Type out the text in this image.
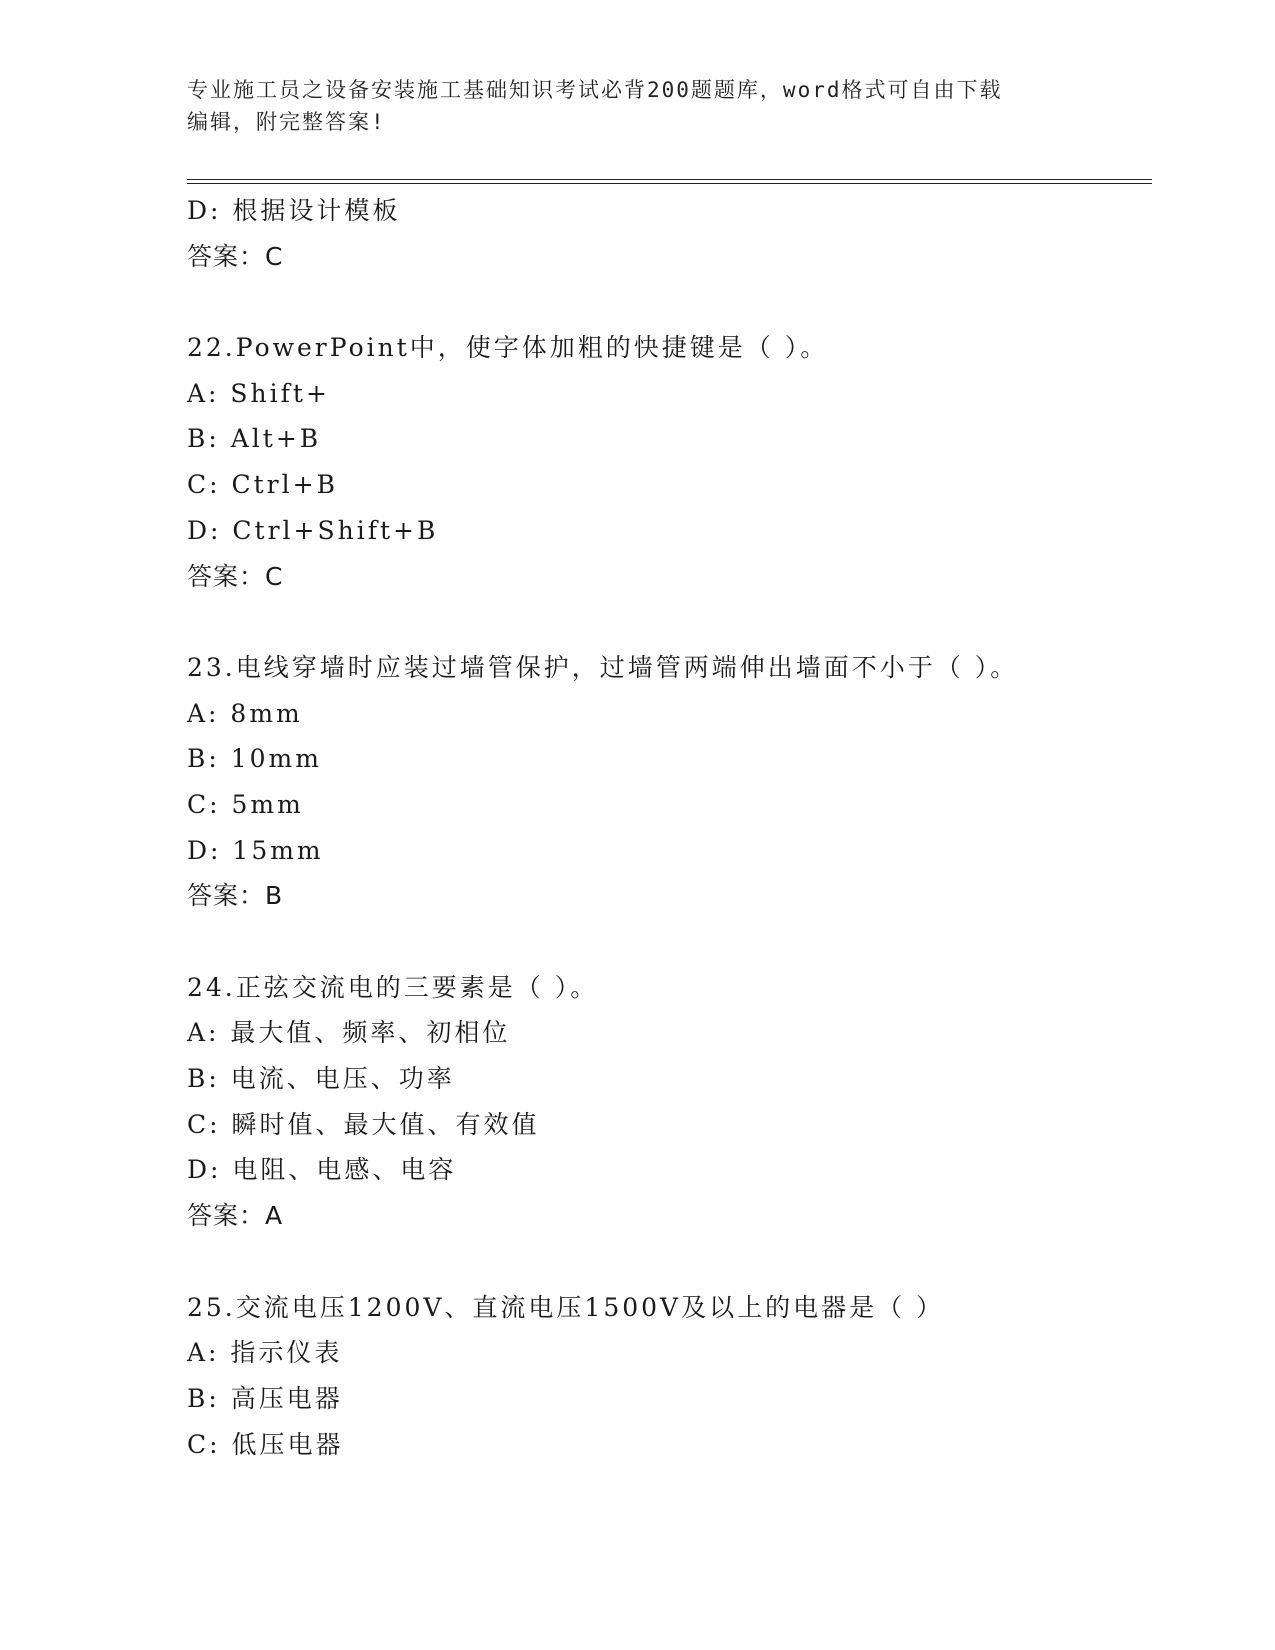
专业施工员之设备安装施工基础知识考试必背200题题库，word格式可自由下载
编辑，附完整答案!
D: 根据设计模板
答案：C
22.PowerPoint中，使字体加粗的快捷键是（ ）。
A: Shift+
B: Alt+B
C: Ctrl+B
D: Ctrl+Shift+B
答案：C
23.电线穿墙时应装过墙管保护，过墙管两端伸出墙面不小于（ ）。
A: 8mm
B: 10mm
C: 5mm
D: 15mm
答案：B
24.正弦交流电的三要素是（ ）。
A: 最大值、频率、初相位
B: 电流、电压、功率
C: 瞬时值、最大值、有效值
D: 电阻、电感、电容
答案：A
25.交流电压1200V、直流电压1500V及以上的电器是（ ）
A: 指示仪表
B: 高压电器
C: 低压电器
